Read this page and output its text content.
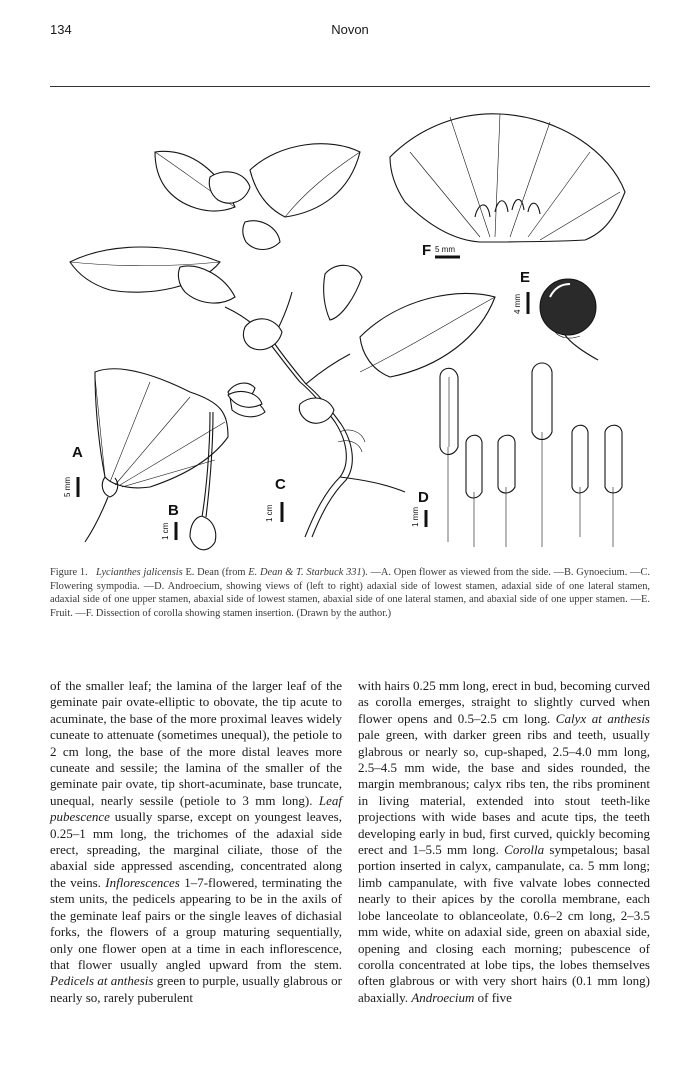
134	Novon
C
1 cm
F 5 mm
E
4 mm
A
5 mm
B
1 cm
D
1 mm
Figure 1. Lycianthes jalicensis E. Dean (from E. Dean & T. Starbuck 331). —A. Open flower as viewed from the side. —B. Gynoecium. —C. Flowering sympodia. —D. Androecium, showing views of (left to right) adaxial side of lowest stamen, adaxial side of one lateral stamen, adaxial side of one upper stamen, abaxial side of lowest stamen, abaxial side of one lateral stamen, and abaxial side of one upper stamen. —E. Fruit. —F. Dissection of corolla showing stamen insertion. (Drawn by the author.)
of the smaller leaf; the lamina of the larger leaf of the geminate pair ovate-elliptic to obovate, the tip acute to acuminate, the base of the more proximal leaves widely cuneate to attenuate (sometimes unequal), the petiole to 2 cm long, the base of the more distal leaves more cuneate and sessile; the lamina of the smaller of the geminate pair ovate, tip short-acuminate, base truncate, unequal, nearly sessile (petiole to 3 mm long). Leaf pubescence usually sparse, except on youngest leaves, 0.25–1 mm long, the trichomes of the adaxial side erect, spreading, the marginal ciliate, those of the abaxial side appressed ascending, concentrated along the veins. Inflorescences 1–7-flowered, terminating the stem units, the pedicels appearing to be in the axils of the geminate leaf pairs or the single leaves of dichasial forks, the flowers of a group maturing sequentially, only one flower open at a time in each inflorescence, that flower usually angled upward from the stem. Pedicels at anthesis green to purple, usually glabrous or nearly so, rarely puberulent
with hairs 0.25 mm long, erect in bud, becoming curved as corolla emerges, straight to slightly curved when flower opens and 0.5–2.5 cm long. Calyx at anthesis pale green, with darker green ribs and teeth, usually glabrous or nearly so, cup-shaped, 2.5–4.0 mm long, 2.5–4.5 mm wide, the base and sides rounded, the margin membranous; calyx ribs ten, the ribs prominent in living material, extended into stout teeth-like projections with wide bases and acute tips, the teeth developing early in bud, first curved, quickly becoming erect and 1–5.5 mm long. Corolla sympetalous; basal portion inserted in calyx, campanulate, ca. 5 mm long; limb campanulate, with five valvate lobes connected nearly to their apices by the corolla membrane, each lobe lanceolate to oblanceolate, 0.6–2 cm long, 2–3.5 mm wide, white on adaxial side, green on abaxial side, opening and closing each morning; pubescence of corolla concentrated at lobe tips, the lobes themselves often glabrous or with very short hairs (0.1 mm long) abaxially. Androecium of five
